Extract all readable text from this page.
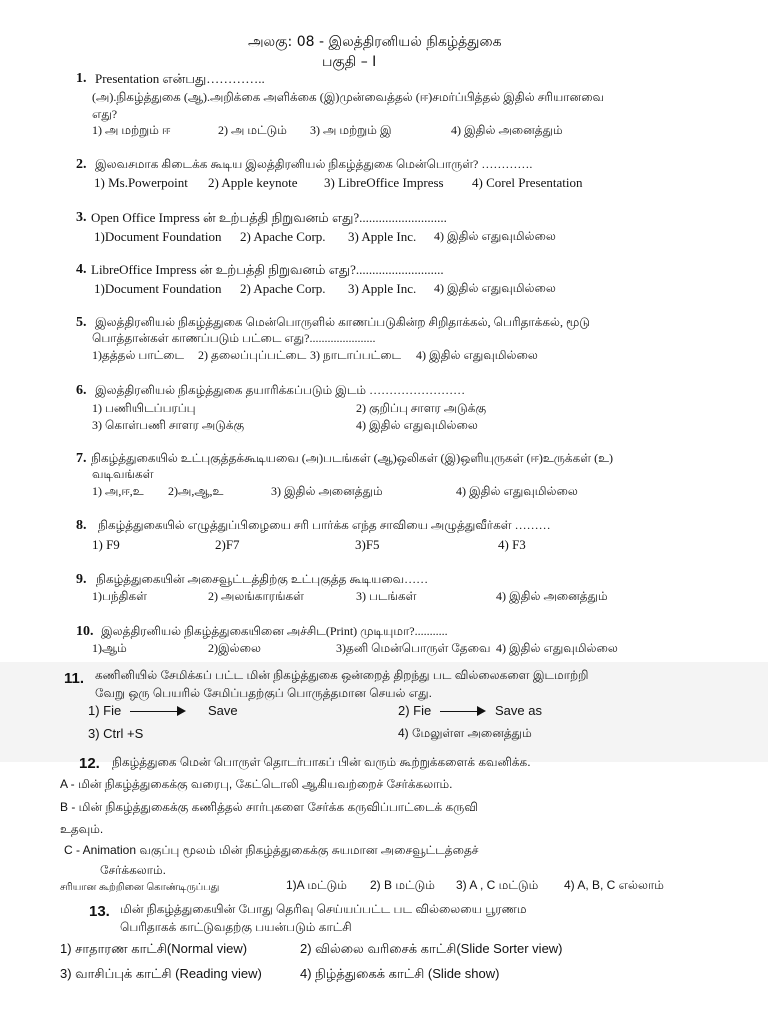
அலகு: 08 - இலத்திரனியல் நிகழ்த்துகை
பகுதி – I
1. Presentation என்பது…………..
(அ).நிகழ்த்துகை (ஆ).அறிக்கை அளிக்கை (இ)முன்வைத்தல் (ஈ)சமர்ப்பித்தல் இதில் சரியானவை
எது?
1) அ மற்றும் ஈ	2) அ மட்டும் 3) அ மற்றும் இ	4) இதில் அனைத்தும்
2. இலவசமாக கிடைக்க கூடிய இலத்திரனியல் நிகழ்த்துகை மென்பொருள்? ………….
1) Ms.Powerpoint 2) Apple keynote 3) LibreOffice Impress 4) Corel Presentation
3. Open Office Impress ன் உற்பத்தி நிறுவனம் எது?...........................
1)Document Foundation 2) Apache Corp. 3) Apple Inc. 4) இதில் எதுவுமில்லை
4. LibreOffice Impress ன் உற்பத்தி நிறுவனம் எது?...........................
1)Document Foundation 2) Apache Corp. 3) Apple Inc. 4) இதில் எதுவுமில்லை
5. இலத்திரனியல் நிகழ்த்துகை மென்பொருளில் காணப்படுகின்ற சிறிதாக்கல், பெரிதாக்கல், மூடு
பொத்தான்கள் காணப்படும் பட்டை எது?......................
1)தத்தல் பாட்டை 2) தலைப்புப்பட்டை 3) நாடாப்பட்டை 4) இதில் எதுவுமில்லை
6. இலத்திரனியல் நிகழ்த்துகை தயாரிக்கப்படும் இடம் ……………………
1) பணியிடப்பரப்பு	2) குறிப்பு சாளர அடுக்கு
3) கொள்பணி சாளர அடுக்கு	4) இதில் எதுவுமில்லை
7. நிகழ்த்துகையில் உட்புகுத்தக்கூடியவை (அ)படங்கள் (ஆ)ஒலிகள் (இ)ஒளியுருகள் (ஈ)உருக்கள் (உ)
வடிவங்கள்
1) அ,ஈ,உ 2)அ,ஆ,உ	3) இதில் அனைத்தும்	4) இதில் எதுவுமில்லை
8. நிகழ்த்துகையில் எழுத்துப்பிழையை சரி பார்க்க எந்த சாவியை அழுத்துவீர்கள் ………
1) F9	2)F7	3)F5	4) F3
9. நிகழ்த்துகையின் அசைவூட்டத்திற்கு உட்புகுத்த கூடியவை……
1)பந்திகள்	2) அலங்காரங்கள்	3) படங்கள்	4) இதில் அனைத்தும்
10. இலத்திரனியல் நிகழ்த்துகையினை அச்சிட(Print) முடியுமா?...........
1)ஆம்	2)இல்லை	3)தனி மென்பொருள் தேவை 4) இதில் எதுவுமில்லை
11. கணினியில் சேமிக்கப் பட்ட மின் நிகழ்த்துகை ஒன்றைத் திறந்து பட வில்லைகளை இடமாற்றி
வேறு ஒரு பெயரில் சேமிப்பதற்குப் பொருத்தமான செயல் எது.
1) Fie	Save	2) Fie	Save as
3) Ctrl +S	4) மேலுள்ள அனைத்தும்
12. நிகழ்த்துகை மென் பொருள் தொடர்பாகப் பின் வரும் கூற்றுக்களைக் கவனிக்க.
A - மின் நிகழ்த்துகைக்கு வரைபு, கேட்டொலி ஆகியவற்றைச் சேர்க்கலாம்.
B - மின் நிகழ்த்துகைக்கு கணித்தல் சார்புகளை சேர்க்க கருவிப்பாட்டைக் கருவி
உதவும்.
C - Animation வகுப்பு மூலம் மின் நிகழ்த்துகைக்கு சுயமான அசைவூட்டத்தைச்
சேர்க்கலாம்.
சரியான கூற்றினை கொண்டிருப்பது	1)A மட்டும் 2) B மட்டும் 3) A , C மட்டும் 4) A, B, C எல்லாம்
13. மின் நிகழ்த்துகையின் போது தெரிவு செய்யப்பட்ட பட வில்லையை பூரணம
பெரிதாகக் காட்டுவதற்கு பயன்படும் காட்சி
1) சாதாரண காட்சி(Normal view)	2) வில்லை வரிசைக் காட்சி(Slide Sorter view)
3) வாசிப்புக் காட்சி (Reading view)	4) நிழ்த்துகைக் காட்சி (Slide show)
